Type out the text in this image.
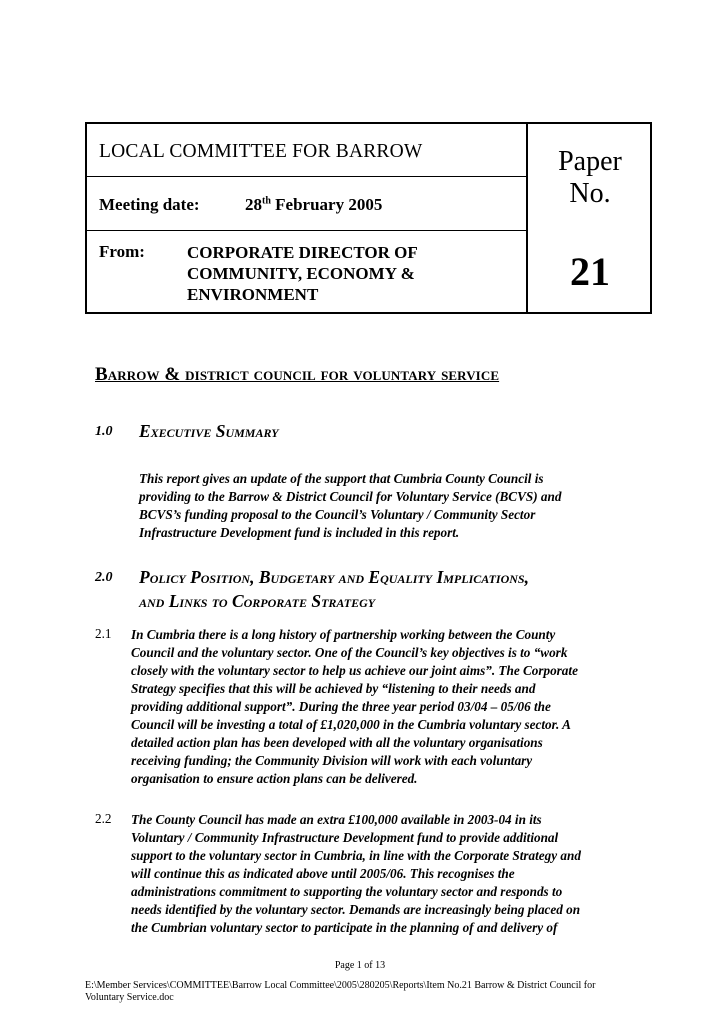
LOCAL COMMITTEE FOR BARROW
Meeting date:	28th February 2005
From: CORPORATE DIRECTOR OF
COMMUNITY, ECONOMY &
ENVIRONMENT
Paper
No.
21
Barrow & district council for voluntary service
1.0 Executive Summary
This report gives an update of the support that Cumbria County Council is
providing to the Barrow & District Council for Voluntary Service (BCVS) and
BCVS’s funding proposal to the Council’s Voluntary / Community Sector
Infrastructure Development fund is included in this report.
2.0 Policy Position, Budgetary and Equality Implications,
and Links to Corporate Strategy
2.1 In Cumbria there is a long history of partnership working between the County
Council and the voluntary sector. One of the Council’s key objectives is to “work
closely with the voluntary sector to help us achieve our joint aims”. The Corporate
Strategy specifies that this will be achieved by “listening to their needs and
providing additional support”. During the three year period 03/04 – 05/06 the
Council will be investing a total of £1,020,000 in the Cumbria voluntary sector. A
detailed action plan has been developed with all the voluntary organisations
receiving funding; the Community Division will work with each voluntary
organisation to ensure action plans can be delivered.
2.2 The County Council has made an extra £100,000 available in 2003-04 in its
Voluntary / Community Infrastructure Development fund to provide additional
support to the voluntary sector in Cumbria, in line with the Corporate Strategy and
will continue this as indicated above until 2005/06. This recognises the
administrations commitment to supporting the voluntary sector and responds to
needs identified by the voluntary sector. Demands are increasingly being placed on
the Cumbrian voluntary sector to participate in the planning of and delivery of
Page 1 of 13
E:\Member Services\COMMITTEE\Barrow Local Committee\2005\280205\Reports\Item No.21 Barrow & District Council for
Voluntary Service.doc
